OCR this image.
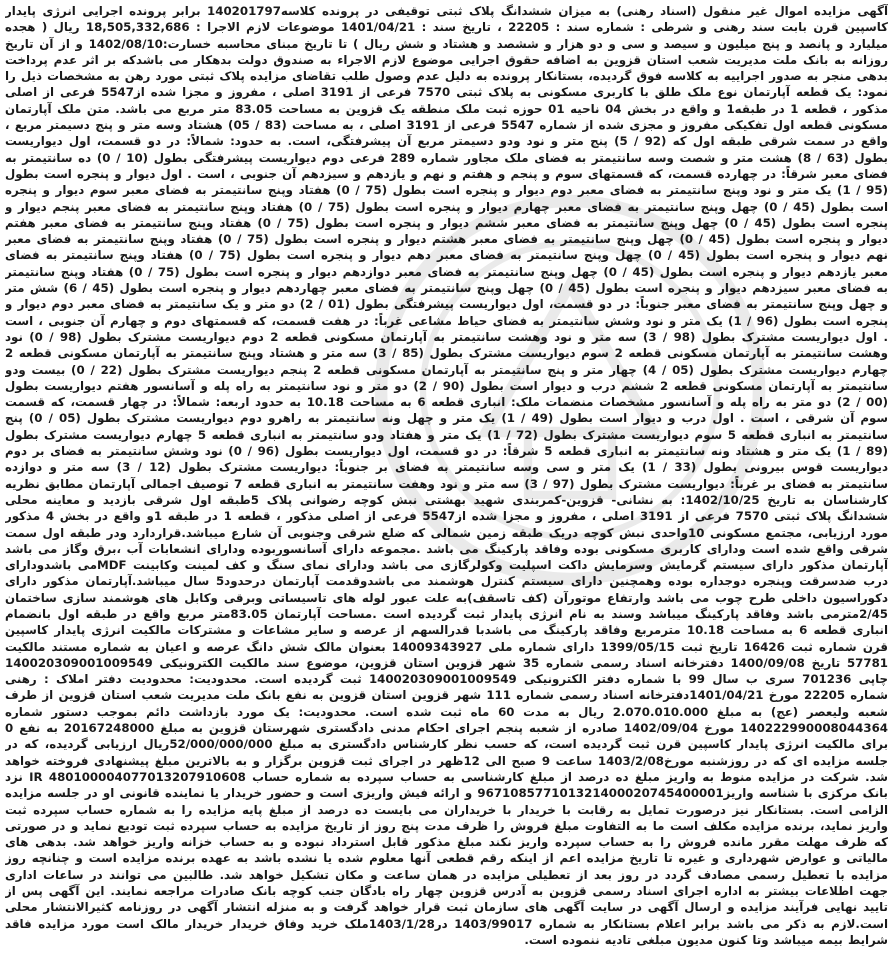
آگهی مزایده اموال غیر منقول (اسناد رهنی) به میزان ششدانگ پلاک ثبتی توقیفی در پرونده کلاسه140201797 برابر پرونده اجرایی انرژی پایدار کاسپین قرن بابت سند رهنی و شرطی : شماره سند : 22205 ، تاریخ سند : 1401/04/21 موضوعات لازم الاجرا : 18,505,332,686 ریال ( هجده میلیارد و پانصد و پنج میلیون و سیصد و سی و دو هزار و ششصد و هشتاد و شش ریال ) تا تاریخ مبنای محاسبه خسارت:1402/08/10 و از آن تاریخ روزانه به بانک ملت مدیریت شعب استان قزوین به اضافه حقوق اجرایی موضوع لازم الاجراء به صندوق دولت بدهکار می باشدکه بر اثر عدم پرداخت بدهی منجر به صدور اجراییه به کلاسه فوق گردیده، بستانکار پرونده به دلیل عدم وصول طلب تقاضای مزایده پلاک ثبتی مورد رهن به مشخصات ذیل را نمود: یک قطعه آپارتمان نوع ملک طلق با کاربری مسکونی به پلاک ثبتی 7570 فرعی از 3191 اصلی ، مفروز و مجزا شده از5547 فرعی از اصلی مذکور ، قطعه 1 در طبقه1 و واقع در بخش 04 ناحیه 01 حوزه ثبت ملک منطقه یک قزوین به مساحت 83.05 متر مربع می باشد. متن ملک آپارتمان مسکونی قطعه اول تفکیکی مفروز و مجزی شده از شماره 5547 فرعی از 3191 اصلی ، به مساحت (83 / 05) هشتاد وسه متر و پنج دسیمتر مربع ، واقع در سمت شرقی طبقه اول که (92 / 5) پنج متر و نود ودو دسیمتر مربع آن پیشرفتگی، است. به حدود: شمالاً: در دو قسمت، اول دیواریست بطول (63 / 8) هشت متر و شصت وسه سانتیمتر به فضای ملک مجاور شماره 289 فرعی دوم دیواریست پیشرفتگی بطول (10 / 0) ده سانتیمتر به فضای معبر شرقاً: در چهارده قسمت، که قسمتهای سوم و پنجم و هفتم و نهم و یازدهم و سیزدهم آن جنوبی ، است . اول دیوار و پنجره است بطول (95 / 1) یک متر و نود وپنج سانتیمتر به فضای معبر دوم دیوار و پنجره است بطول (75 / 0) هفتاد وپنج سانتیمتر به فضای معبر سوم دیوار و پنجره است بطول (45 / 0) چهل وپنج سانتیمتر به فضای معبر چهارم دیوار و پنجره است بطول (75 / 0) هفتاد وپنج سانتیمتر به فضای معبر پنجم دیوار و پنجره است بطول (45 / 0) چهل وپنج سانتیمتر به فضای معبر ششم دیوار و پنجره است بطول (75 / 0) هفتاد وپنج سانتیمتر به فضای معبر هفتم دیوار و پنجره است بطول (45 / 0) چهل وپنج سانتیمتر به فضای معبر هشتم دیوار و پنجره است بطول (75 / 0) هفتاد وپنج سانتیمتر به فضای معبر نهم دیوار و پنجره است بطول (45 / 0) چهل وپنج سانتیمتر به فضای معبر دهم دیوار و پنجره است بطول (75 / 0) هفتاد وپنج سانتیمتر به فضای معبر یازدهم دیوار و پنجره است بطول (45 / 0) چهل وپنج سانتیمتر به فضای معبر دوازدهم دیوار و پنجره است بطول (75 / 0) هفتاد وپنج سانتیمتر به فضای معبر سیزدهم دیوار و پنجره است بطول (45 / 0) چهل وپنج سانتیمتر به فضای معبر چهاردهم دیوار و پنجره است بطول (45 / 6) شش متر و چهل وپنج سانتیمتر به فضای معبر جنوباً: در دو قسمت، اول دیواریست پیشرفتگی بطول (01 / 2) دو متر و یک سانتیمتر به فضای معبر دوم دیوار و پنجره است بطول (96 / 1) یک متر و نود وشش سانتیمتر به فضای حیاط مشاعی غرباً: در هفت قسمت، که قسمتهای دوم و چهارم آن جنوبی ، است . اول دیواریست مشترک بطول (98 / 3) سه متر و نود وهشت سانتیمتر به آپارتمان مسکونی قطعه 2 دوم دیواریست مشترک بطول (98 / 0) نود وهشت سانتیمتر به آپارتمان مسکونی قطعه 2 سوم دیواریست مشترک بطول (85 / 3) سه متر و هشتاد وپنج سانتیمتر به آپارتمان مسکونی قطعه 2 چهارم دیواریست مشترک بطول (05 / 4) چهار متر و پنج سانتیمتر به آپارتمان مسکونی قطعه 2 پنجم دیواریست مشترک بطول (22 / 0) بیست ودو سانتیمتر به آپارتمان مسکونی قطعه 2 ششم درب و دیوار است بطول (90 / 2) دو متر و نود سانتیمتر به راه پله و آسانسور هفتم دیواریست بطول (00 / 2) دو متر به راه پله و آسانسور مشخصات منضمات ملک: انباری قطعه 6 به مساحت 10.18 به حدود اربعه: شمالاً: در چهار قسمت، که قسمت سوم آن شرقی ، است . اول درب و دیوار است بطول (49 / 1) یک متر و چهل ونه سانتیمتر به راهرو دوم دیواریست مشترک بطول (05 / 0) پنج سانتیمتر به انباری قطعه 5 سوم دیواریست مشترک بطول (72 / 1) یک متر و هفتاد ودو سانتیمتر به انباری قطعه 5 چهارم دیواریست مشترک بطول (89 / 1) یک متر و هشتاد ونه سانتیمتر به انباری قطعه 5 شرقاً: در دو قسمت، اول دیواریست بطول (96 / 0) نود وشش سانتیمتر به فضای بر دوم دیواریست قوس بیرونی بطول (33 / 1) یک متر و سی وسه سانتیمتر به فضای بر جنوباً: دیواریست مشترک بطول (12 / 3) سه متر و دوازده سانتیمتر به فضای بر غرباً: دیواریست مشترک بطول (97 / 3) سه متر و نود وهفت سانتیمتر به انباری قطعه 7 توصیف اجمالی آپارتمان مطابق نظریه کارشناسان به تاریخ 1402/10/25: به نشانی- قزوین-کمربندی شهید بهشتی نبش کوچه رضوانی پلاک 5طبقه اول شرقی بازدید و معاینه محلی ششدانگ پلاک ثبتی 7570 فرعی از 3191 اصلی ، مفروز و مجزا شده از5547 فرعی از اصلی مذکور ، قطعه 1 در طبقه 1و واقع در بخش 4 مذکور مورد ارزیابی، مجتمع مسکونی 10واحدی نبش کوچه دریک طبقه زمین شمالی که ضلع شرقی وجنوبی آن شارع میباشد.قراردارد ودر طبقه اول سمت شرقی واقع شده است ودارای کاربری مسکونی بوده وفاقد پارکینگ می باشد .مجموعه دارای آسانسوربوده ودارای انشعابات آب ،برق وگاز می باشد آپارتمان مذکور دارای سیستم گرمایش وسرمایش داکت اسپلیت وکولرگازی می باشد ودارای نمای سنگ و کف لمینت وکابینت MDFمی باشدودارای درب ضدسرقت وپنجره دوجداره بوده وهمچنین دارای سیستم کنترل هوشمند می باشدوقدمت آپارتمان درحدود5 سال میباشد.آپارتمان مذکور دارای دکوراسیون داخلی طرح چوب می باشد وارتفاع موتورآن (کف تاسقف)به علت عبور لوله های تاسیساتی وبرقی وکابل های هوشمند سازی ساختمان 2/45مترمی باشد وفاقد پارکینگ میباشد وسند به نام انرژی پایدار ثبت گردیده است .مساحت آپارتمان 83.05متر مربع واقع در طبقه اول بانضمام انباری قطعه 6 به مساحت 10.18 مترمربع وفاقد پارکینگ می باشدبا قدرالسهم از عرصه و سایر مشاعات و مشترکات مالکیت انرژی پایدار کاسپین قرن شماره ثبت 16426 تاریخ ثبت 1399/05/15 دارای شماره ملی 14009343927 بعنوان مالک شش دانگ عرصه و اعیان به شماره مستند مالکیت 57781 تاریخ 1400/09/08 دفترخانه اسناد رسمی شماره 35 شهر قزوین استان قزوین، موضوع سند مالکیت الکترونیکی 140020309001009549 چاپی 701236 سری ب سال 99 با شماره دفتر الکترونیکی 140020309001009549 ثبت گردیده است. محدودیت: محدودیت دفتر املاک : رهنی شماره 22205 مورخ 1401/04/21دفترخانه اسناد رسمی شماره 111 شهر قزوین استان قزوین به نفع بانک ملت مدیریت شعب استان قزوین از طرف شعبه ولیعصر (عج) به مبلغ 2.070.010.000 ریال به مدت 60 ماه ثبت شده است. محدودیت: یک مورد بازداشت دائم بموجب دستور شماره 140222990008044364 مورخ 1402/09/04 صادره از شعبه پنجم اجرای احکام مدنی دادگستری شهرستان قزوین به مبلغ 20167248000 به نفع 0 برای مالکیت انرژی پایدار کاسپین قرن ثبت گردیده است، که حسب نظر کارشناس دادگستری به مبلغ 52/000/000/000ریال ارزیابی گردیده، که در جلسه مزایده ای که در روزشنبه مورخ1403/2/08 ساعت 9 صبح الی 12ظهر در اجرای ثبت قزوین برگزار و به بالاترین مبلغ پیشنهادی فروخته خواهد شد. شرکت در مزایده منوط به واریز مبلغ ده درصد از مبلغ کارشناسی به حساب سپرده به شماره حساب IR 480100004077013207910608 نزد بانک مرکزی با شناسه واریز967108577101321400020745400001 و ارائه فیش واریزی است و حضور خریدار یا نماینده قانونی او در جلسه مزایده الزامی است. بستانکار نیز درصورت تمایل به رقابت با خریدار با خریداران می بایست ده درصد از مبلغ پایه مزایده را به شماره حساب سپرده ثبت واریز نماید، برنده مزایده مکلف است ما به التفاوت مبلغ فروش را ظرف مدت پنج روز از تاریخ مزایده به حساب سپرده ثبت تودیع نماید و در صورتی که ظرف مهلت مقرر مانده فروش را به حساب سپرده واریز نکند مبلغ مذکور قابل استرداد نبوده و به حساب خزانه واریز خواهد شد. بدهی های مالیاتی و عوارض شهرداری و غیره تا تاریخ مزایده اعم از اینکه رقم قطعی آنها معلوم شده یا نشده باشد به عهده برنده مزایده است و چنانچه روز مزایده با تعطیل رسمی مصادف گردد در روز بعد از تعطیلی مزایده در همان ساعت و مکان تشکیل خواهد شد. طالبین می توانند در ساعات اداری جهت اطلاعات بیشتر به اداره اجرای اسناد رسمی قزوین به آدرس قزوین چهار راه بادگان جنب کوچه بانک صادرات مراجعه نمایند. این آگهی پس از تایید نهایی فرآیند مزایده و ارسال آگهی در سایت آگهی های سازمان ثبت قرار خواهد گرفت و به منزله انتشار آگهی در روزنامه کثیرالانتشار محلی است.لازم به ذکر می باشد برابر اعلام بستانکار به شماره 1403/99017 در1403/1/28ملک خرید وفاق خریدار خریدار مالک است مورد مزایده فاقد شرایط بیمه میباشد وتا کنون مدیون مبلغی تادیه ننموده است.
